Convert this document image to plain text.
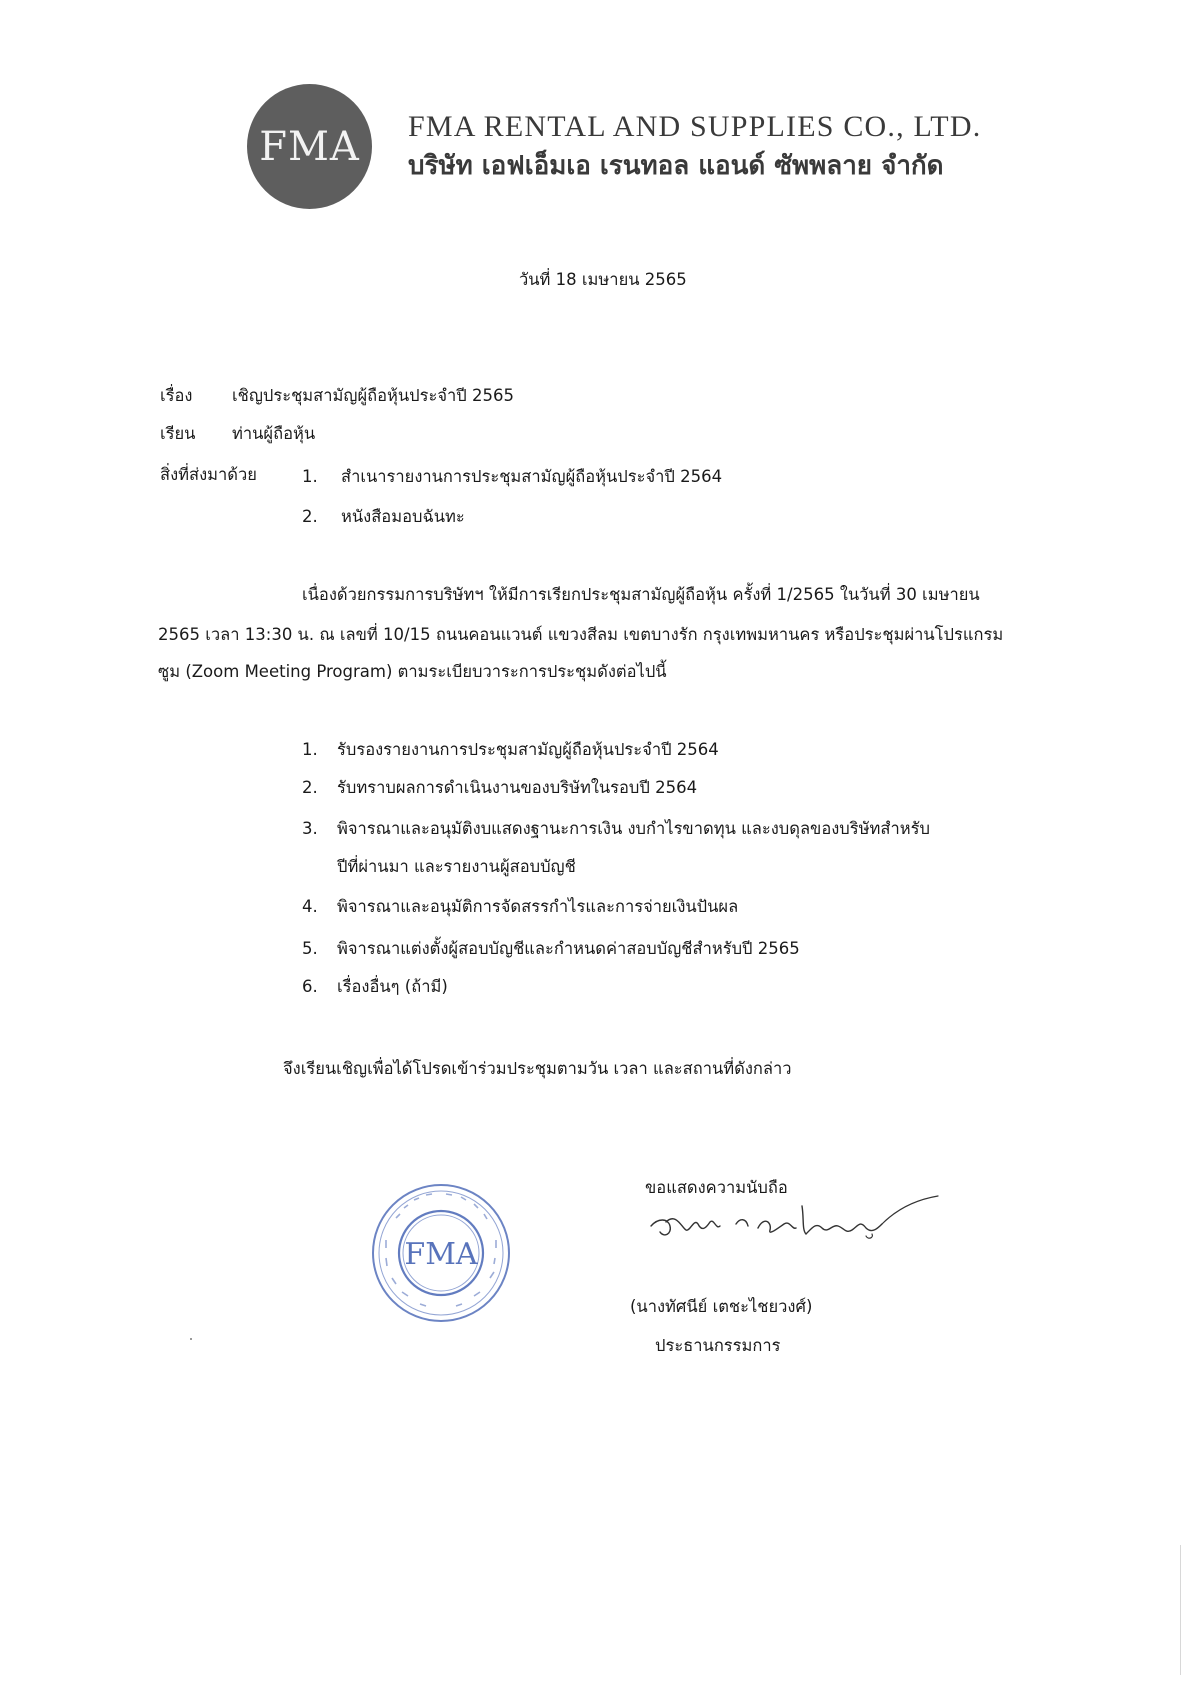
FMA FMA RENTAL AND SUPPLIES CO., LTD.
บริษัท เอฟเอ็มเอ เรนทอล แอนด์ ซัพพลาย จำกัด
วันที่ 18 เมษายน 2565
เรื่อง เชิญประชุมสามัญผู้ถือหุ้นประจำปี 2565
เรียน ท่านผู้ถือหุ้น
สิ่งที่ส่งมาด้วย	1. สำเนารายงานการประชุมสามัญผู้ถือหุ้นประจำปี 2564
2. หนังสือมอบฉันทะ
เนื่องด้วยกรรมการบริษัทฯ ให้มีการเรียกประชุมสามัญผู้ถือหุ้น ครั้งที่ 1/2565 ในวันที่ 30 เมษายน
2565 เวลา 13:30 น. ณ เลขที่ 10/15 ถนนคอนแวนต์ แขวงสีลม เขตบางรัก กรุงเทพมหานคร หรือประชุมผ่านโปรแกรม
ซูม (Zoom Meeting Program) ตามระเบียบวาระการประชุมดังต่อไปนี้
1. รับรองรายงานการประชุมสามัญผู้ถือหุ้นประจำปี 2564
2. รับทราบผลการดำเนินงานของบริษัทในรอบปี 2564
3. พิจารณาและอนุมัติงบแสดงฐานะการเงิน งบกำไรขาดทุน และงบดุลของบริษัทสำหรับ
ปีที่ผ่านมา และรายงานผู้สอบบัญชี
4. พิจารณาและอนุมัติการจัดสรรกำไรและการจ่ายเงินปันผล
5. พิจารณาแต่งตั้งผู้สอบบัญชีและกำหนดค่าสอบบัญชีสำหรับปี 2565
6. เรื่องอื่นๆ (ถ้ามี)
จึงเรียนเชิญเพื่อได้โปรดเข้าร่วมประชุมตามวัน เวลา และสถานที่ดังกล่าว
ขอแสดงความนับถือ
(นางทัศนีย์ เตชะไชยวงศ์)
ประธานกรรมการ
FMA
